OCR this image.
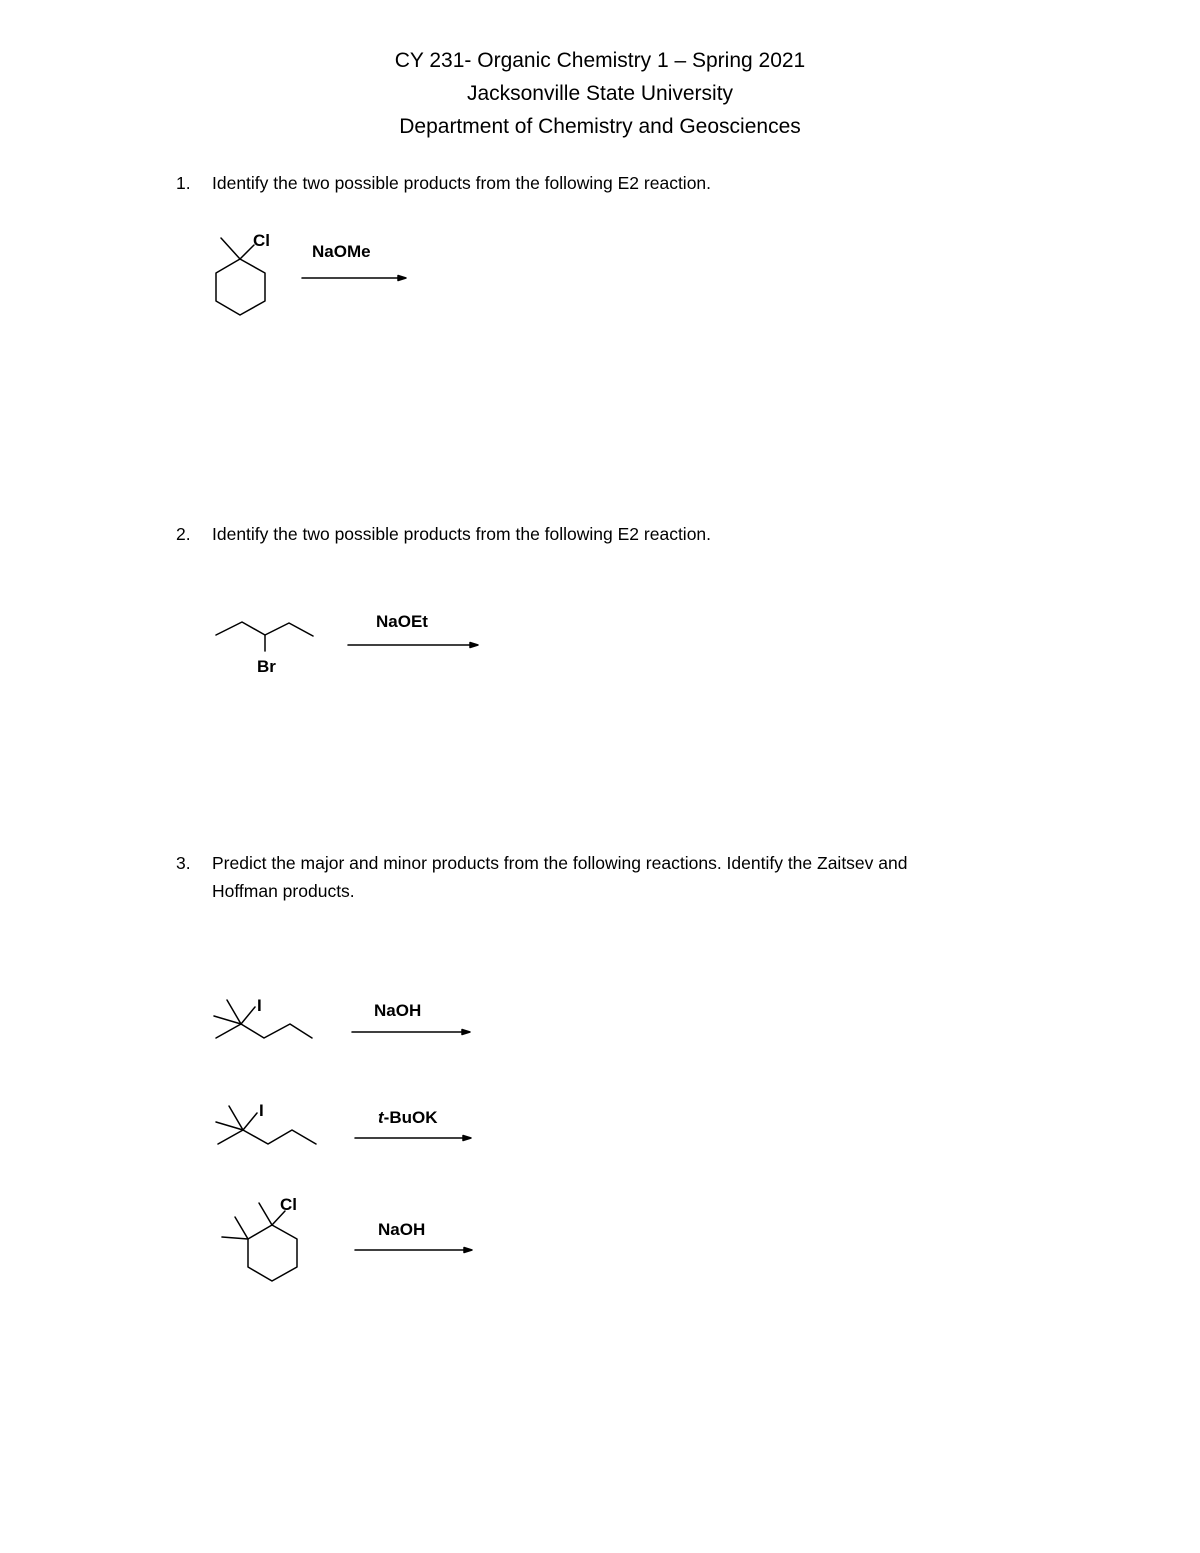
CY 231- Organic Chemistry 1 – Spring 2021
Jacksonville State University
Department of Chemistry and Geosciences
1. Identify the two possible products from the following E2 reaction.
2. Identify the two possible products from the following E2 reaction.
3. Predict the major and minor products from the following reactions. Identify the Zaitsev and
Hoffman products.
Cl
NaOMe
Br
NaOEt
I	NaOH
I	t-BuOK
Cl
NaOH
